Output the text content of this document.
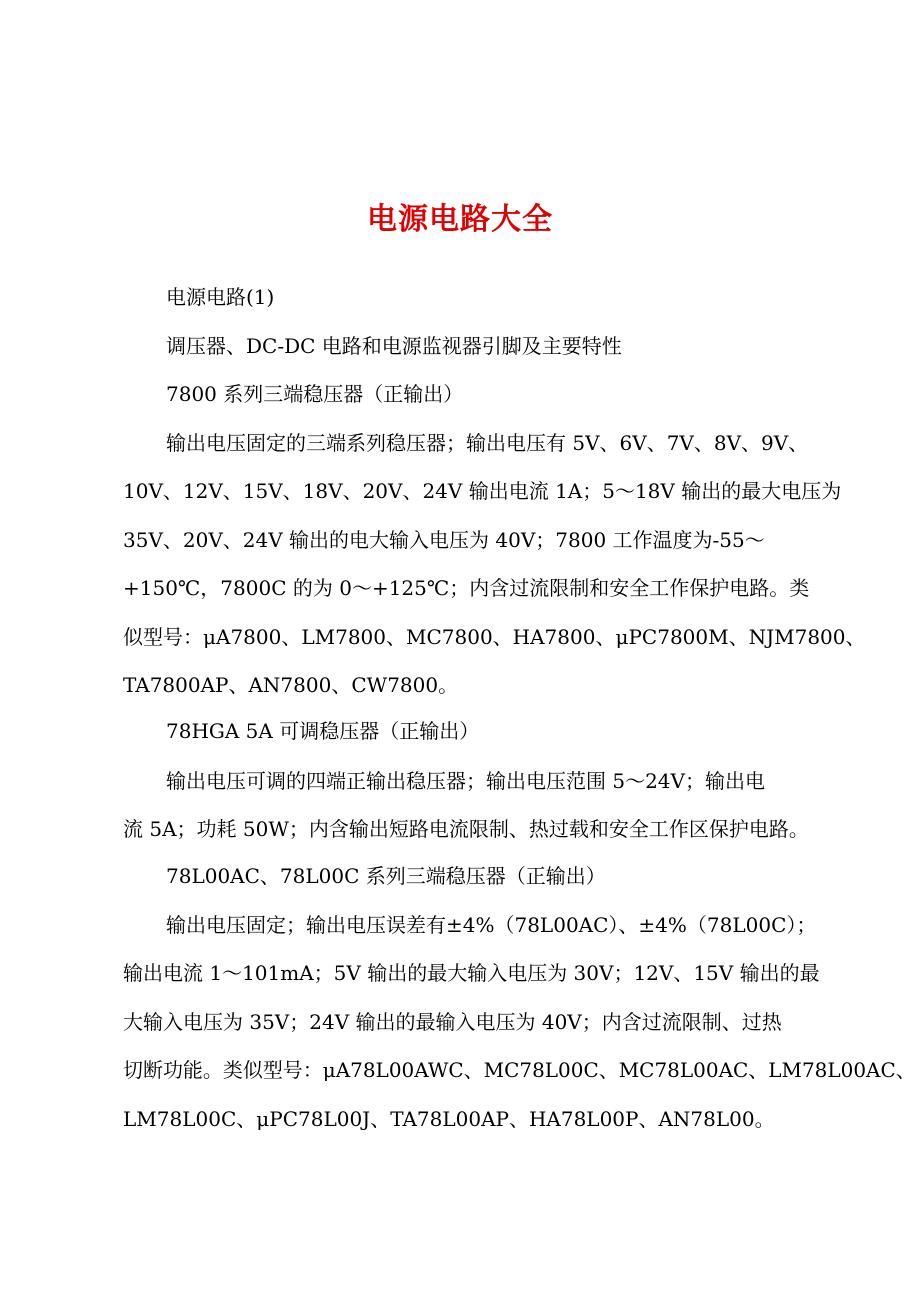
电源电路大全
电源电路(1)
调压器、DC-DC 电路和电源监视器引脚及主要特性
7800 系列三端稳压器（正输出）
输出电压固定的三端系列稳压器；输出电压有 5V、6V、7V、8V、9V、
10V、12V、15V、18V、20V、24V 输出电流 1A；5～18V 输出的最大电压为
35V、20V、24V 输出的电大输入电压为 40V；7800 工作温度为-55～
+150℃，7800C 的为 0～+125℃；内含过流限制和安全工作保护电路。类
似型号：μA7800、LM7800、MC7800、HA7800、μPC7800M、NJM7800、
TA7800AP、AN7800、CW7800。
78HGA 5A 可调稳压器（正输出）
输出电压可调的四端正输出稳压器；输出电压范围 5～24V；输出电
流 5A；功耗 50W；内含输出短路电流限制、热过载和安全工作区保护电路。
78L00AC、78L00C 系列三端稳压器（正输出）
输出电压固定；输出电压误差有±4%（78L00AC）、±4%（78L00C）；
输出电流 1～101mA；5V 输出的最大输入电压为 30V；12V、15V 输出的最
大输入电压为 35V；24V 输出的最输入电压为 40V；内含过流限制、过热
切断功能。类似型号：μA78L00AWC、MC78L00C、MC78L00AC、LM78L00AC、
LM78L00C、μPC78L00J、TA78L00AP、HA78L00P、AN78L00。
